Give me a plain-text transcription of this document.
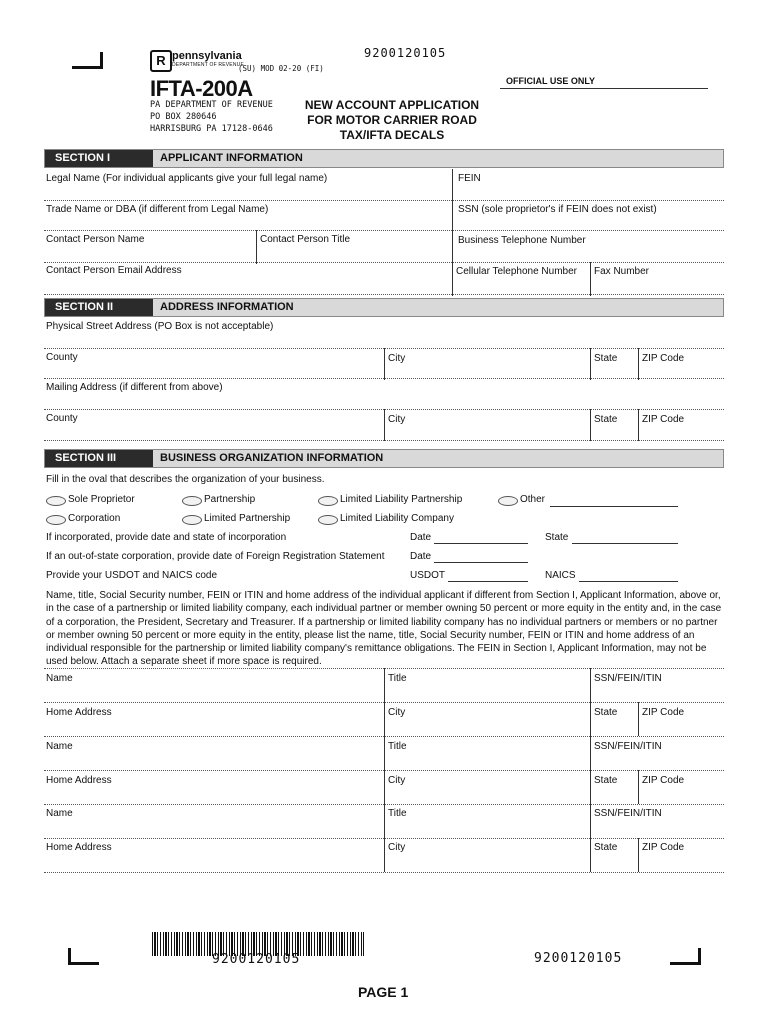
9200120105
R pennsylvania
DEPARTMENT OF REVENUE
(SU) MOD 02-20 (FI)
IFTA-200A	OFFICIAL USE ONLY
PA DEPARTMENT OF REVENUE
PO BOX 280646
HARRISBURG PA 17128-0646
NEW ACCOUNT APPLICATION
FOR MOTOR CARRIER ROAD
TAX/IFTA DECALS
SECTION I	APPLICANT INFORMATION
Legal Name (For individual applicants give your full legal name)	FEIN
Trade Name or DBA (if different from Legal Name)	SSN (sole proprietor's if FEIN does not exist)
Contact Person Name	Contact Person Title	Business Telephone Number
Contact Person Email Address	Cellular Telephone Number Fax Number
SECTION II	ADDRESS INFORMATION
Physical Street Address (PO Box is not acceptable)
County	City	State ZIP Code
Mailing Address (if different from above)
County	City	State ZIP Code
SECTION III	BUSINESS ORGANIZATION INFORMATION
Fill in the oval that describes the organization of your business.
Sole Proprietor	Partnership	Limited Liability Partnership	Other
Corporation	Limited Partnership	Limited Liability Company
If incorporated, provide date and state of incorporation	Date	State
If an out-of-state corporation, provide date of Foreign Registration Statement	Date
Provide your USDOT and NAICS code	USDOT	NAICS
Name, title, Social Security number, FEIN or ITIN and home address of the individual applicant if different from Section I, Applicant Information, above or, in the case of a partnership or limited liability company, each individual partner or member owning 50 percent or more equity in the entity and, in the case of a corporation, the President, Secretary and Treasurer. If a partnership or limited liability company has no individual partners or members or no partner or member owning 50 percent or more equity in the entity, please list the name, title, Social Security number, FEIN or ITIN and home address of an individual responsible for the partnership or limited liability company's remittance obligations. The FEIN in Section I, Applicant Information, may not be used below. Attach a separate sheet if more space is required.
Name	Title	SSN/FEIN/ITIN
Home Address	City	State ZIP Code
Name	Title	SSN/FEIN/ITIN
Home Address	City	State ZIP Code
Name	Title	SSN/FEIN/ITIN
Home Address	City	State ZIP Code
9200120105	9200120105
PAGE 1
